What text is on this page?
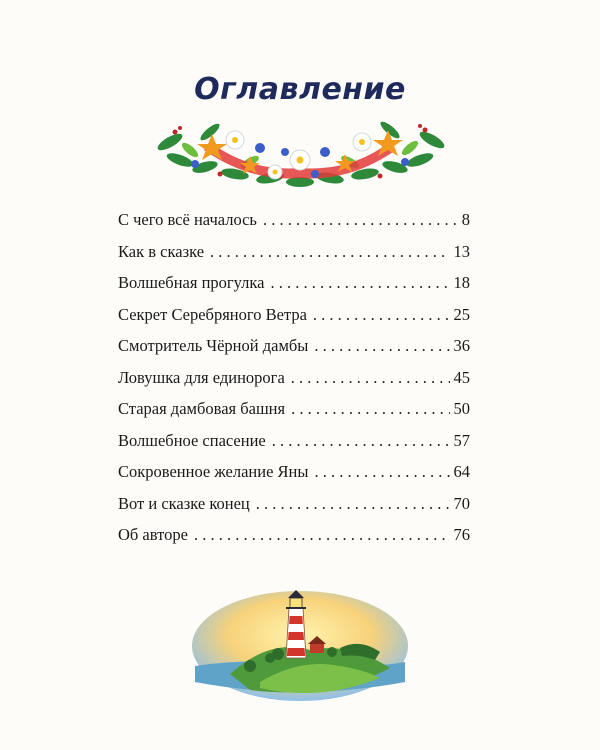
Оглавление
С чего всё началось . . .	8
Как в сказке . . .	13
Волшебная прогулка . . .	18
Секрет Серебряного Ветра . . .	25
Смотритель Чёрной дамбы . . .	36
Ловушка для единорога . . .	45
Старая дамбовая башня . . .	50
Волшебное спасение . . .	57
Сокровенное желание Яны . . .	64
Вот и сказке конец . . .	70
Об авторе . . .	76
